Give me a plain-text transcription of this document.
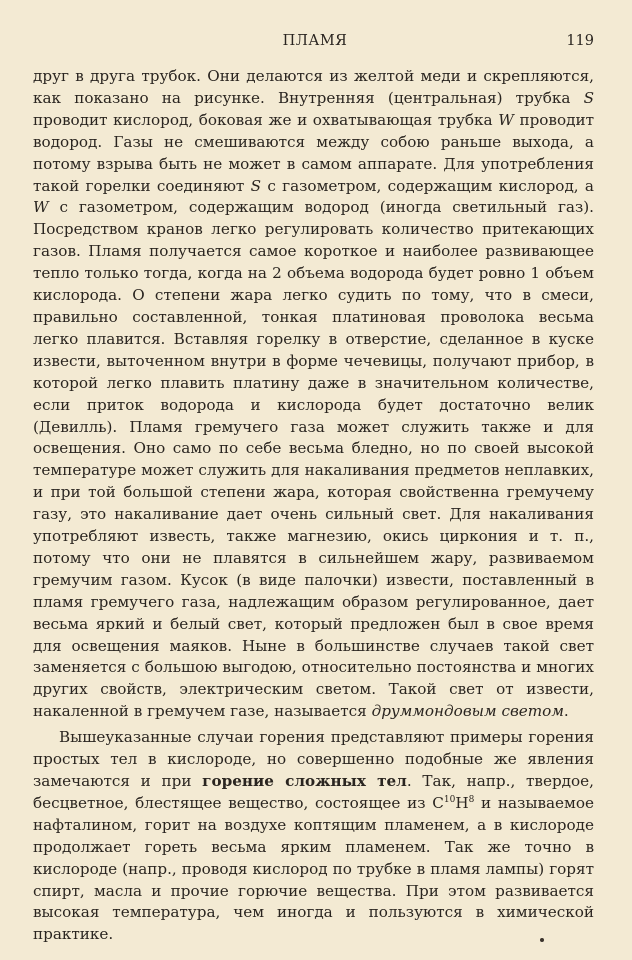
ПЛАМЯ	119

друг в друга трубок. Они делаются из желтой меди и скрепляются, как показано на рисунке. Внутренняя (центральная) трубка S проводит кислород, боковая же и охватывающая трубка W проводит водород. Газы не смешиваются между собою раньше выхода, а потому взрыва быть не может в самом аппарате. Для употребления такой горелки соединяют S с газометром, содержащим кислород, а W с газометром, содержащим водород (иногда светильный газ). Посредством кранов легко регулировать количество притекающих газов. Пламя получается самое короткое и наиболее развивающее тепло только тогда, когда на 2 объема водорода будет ровно 1 объем кислорода. О степени жара легко судить по тому, что в смеси, правильно составленной, тонкая платиновая проволока весьма легко плавится. Вставляя горелку в отверстие, сделанное в куске извести, выточенном внутри в форме чечевицы, получают прибор, в которой легко плавить платину даже в значительном количестве, если приток водорода и кислорода будет достаточно велик (Девилль). Пламя гремучего газа может служить также и для освещения. Оно само по себе весьма бледно, но по своей высокой температуре может служить для накаливания предметов неплавких, и при той большой степени жара, которая свойственна гремучему газу, это накаливание дает очень сильный свет. Для накаливания употребляют известь, также магнезию, окись циркония и т. п., потому что они не плавятся в сильнейшем жару, развиваемом гремучим газом. Кусок (в виде палочки) извести, поставленный в пламя гремучего газа, надлежащим образом регулированное, дает весьма яркий и белый свет, который предложен был в свое время для освещения маяков. Ныне в большинстве случаев такой свет заменяется с большою выгодою, относительно постоянства и многих других свойств, электрическим светом. Такой свет от извести, накаленной в гремучем газе, называется друммондовым светом.

Вышеуказанные случаи горения представляют примеры горения простых тел в кислороде, но совершенно подобные же явления замечаются и при горение сложных тел. Так, напр., твердое, бесцветное, блестящее вещество, состоящее из $C^{10}H^8$ и называемое нафталином, горит на воздухе коптящим пламенем, а в кислороде продолжает гореть весьма ярким пламенем. Так же точно в кислороде (напр., проводя кислород по трубке в пламя лампы) горят спирт, масла и прочие горючие вещества. При этом развивается высокая температура, чем иногда и пользуются в химической практике.
